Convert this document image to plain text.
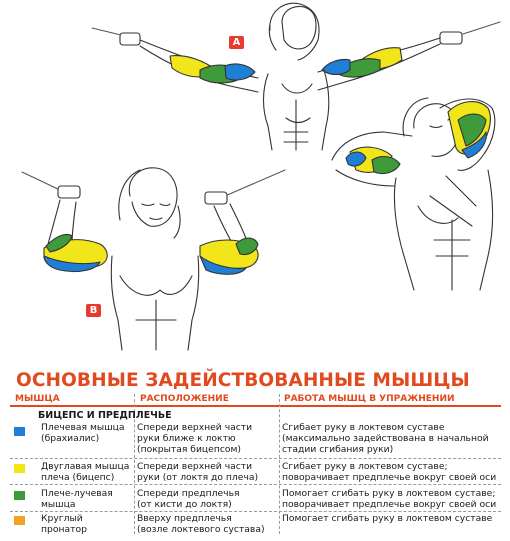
A
B
ОСНОВНЫЕ ЗАДЕЙСТВОВАННЫЕ МЫШЦЫ
МЫШЦА	РАСПОЛОЖЕНИЕ	РАБОТА МЫШЦ В УПРАЖНЕНИИ
БИЦЕПС И ПРЕДПЛЕЧЬЕ
Плечевая мышца
(брахиалис)
Спереди верхней части
руки ближе к локтю
(покрытая бицепсом)
Сгибает руку в локтевом суставе
(максимально задействована в начальной
стадии сгибания руки)
Двуглавая мышца
плеча (бицепс)
Спереди верхней части
руки (от локтя до плеча)
Сгибает руку в локтевом суставе;
поворачивает предплечье вокруг своей оси
Плече-лучевая
мышца
Спереди предплечья
(от кисти до локтя)
Помогает сгибать руку в локтевом суставе;
поворачивает предплечье вокруг своей оси
Круглый
пронатор
Вверху предплечья
(возле локтевого сустава)
Помогает сгибать руку в локтевом суставе
